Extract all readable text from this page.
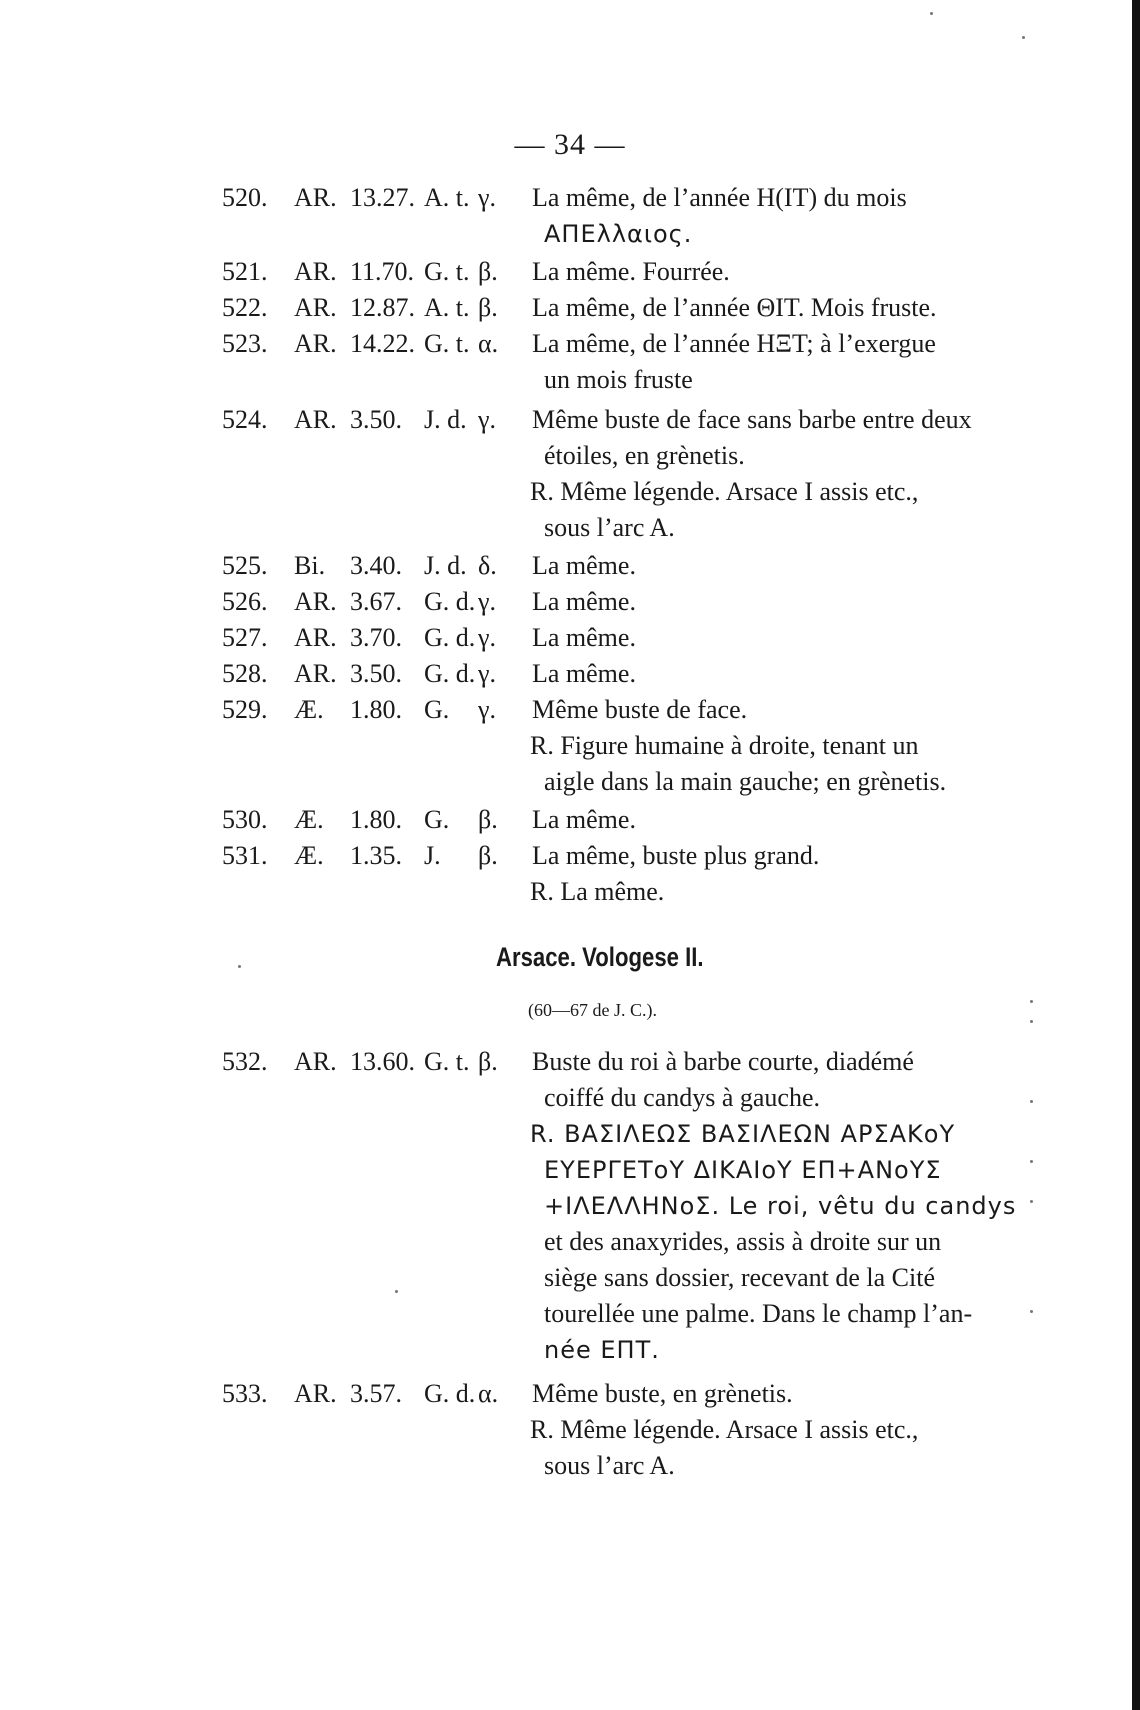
— 34 —
520. AR. 13.27. A. t. γ. La même, de l’année H(IT) du mois
ΑΠΕλλαιος.
521. AR. 11.70. G. t. β. La même. Fourrée.
522. AR. 12.87. A. t. β. La même, de l’année ΘIT. Mois fruste.
523. AR. 14.22. G. t. α. La même, de l’année HΞT; à l’exergue
un mois fruste
524. AR. 3.50. J. d. γ. Même buste de face sans barbe entre deux
étoiles, en grènetis.
R. Même légende. Arsace I assis etc.,
sous l’arc A.
525. Bi. 3.40. J. d. δ. La même.
526. AR. 3.67. G. d. γ. La même.
527. AR. 3.70. G. d. γ. La même.
528. AR. 3.50. G. d. γ. La même.
529. Æ. 1.80. G. γ. Même buste de face.
R. Figure humaine à droite, tenant un
aigle dans la main gauche; en grènetis.
530. Æ. 1.80. G. β. La même.
531. Æ. 1.35. J. β. La même, buste plus grand.
R. La même.
Arsace. Vologese II.
(60—67 de J. C.).
532. AR. 13.60. G. t. β. Buste du roi à barbe courte, diadémé
coiffé du candys à gauche.
R. ΒΑΣΙΛΕΩΣ ΒΑΣΙΛΕΩΝ ΑΡΣΑΚοΥ
ΕΥΕΡΓΕΤοΥ ΔΙΚΑΙοΥ ΕΠ+ΑΝοΥΣ
+ΙΛΕΛΛΗΝοΣ. Le roi, vêtu du candys
et des anaxyrides, assis à droite sur un
siège sans dossier, recevant de la Cité
tourellée une palme. Dans le champ l’an-
née ΕΠΤ.
533. AR. 3.57. G. d. α. Même buste, en grènetis.
R. Même légende. Arsace I assis etc.,
sous l’arc A.
